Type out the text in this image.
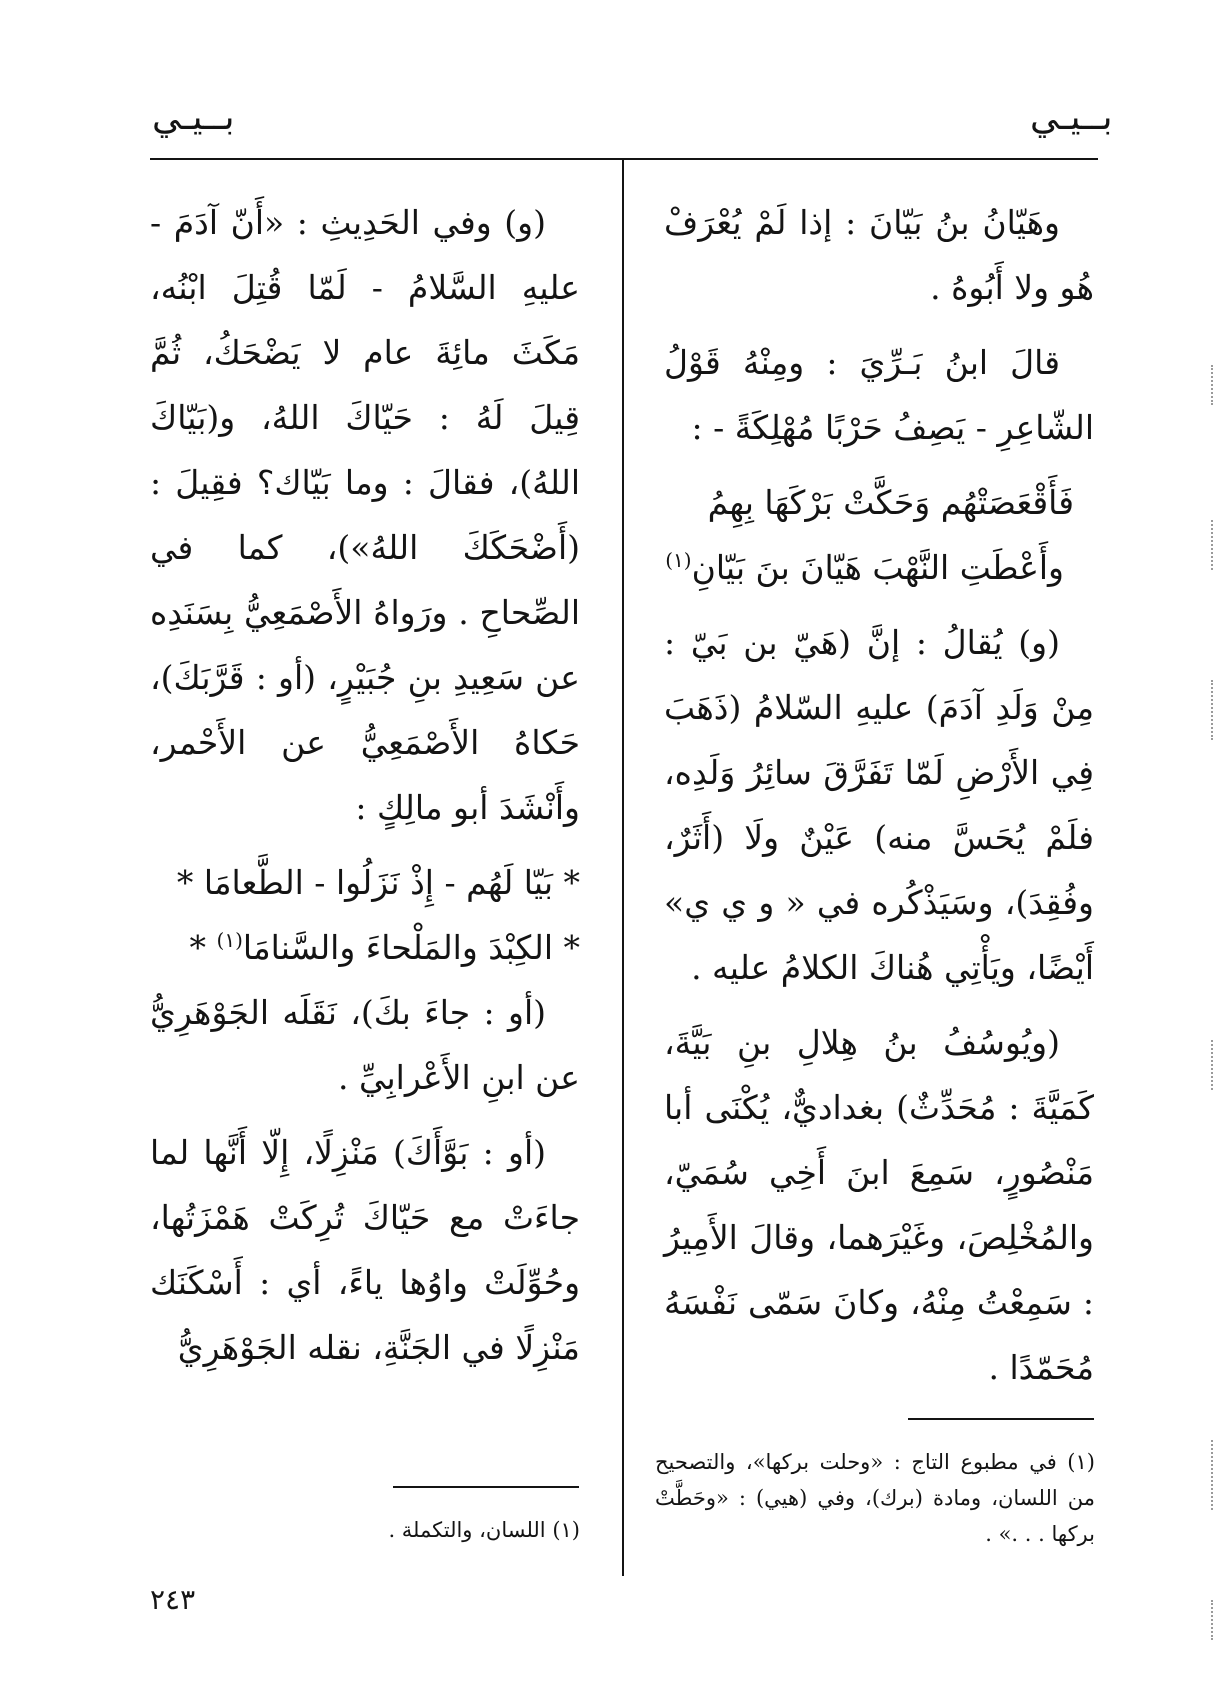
بــيـي
بــيـي

وهَيّانُ بنُ بَيّانَ : إذا لَمْ يُعْرَفْ هُو ولا أَبُوهُ .

قالَ ابنُ بَـرِّيَ : ومِنْهُ قَوْلُ الشّاعِرِ - يَصِفُ حَرْبًا مُهْلِكَةً - :

فَأَقْعَصَتْهُم وَحَكَّتْ بَرْكَهَا بِهِمُ

وأَعْطَتِ النَّهْبَ هَيّانَ بنَ بَيّانِ$^{(١)}$

(و) يُقالُ : إنَّ (هَيّ بن بَيّ : مِنْ وَلَدِ آدَمَ) عليهِ السّلامُ (ذَهَبَ فِي الأَرْضِ لَمّا تَفَرَّقَ سائِرُ وَلَدِه، فلَمْ يُحَسَّ منه) عَيْنٌ ولَا (أَثَرٌ، وفُقِدَ)، وسَيَذْكُره في « و ي ي» أَيْضًا، ويَأْتِي هُناكَ الكلامُ عليه .

(ويُوسُفُ بنُ هِلالِ بنِ بَيَّةَ، كَمَيَّةَ : مُحَدِّثٌ) بغداديٌّ، يُكْنَى أبا مَنْصُورٍ، سَمِعَ ابنَ أَخِي سُمَيّ، والمُخْلِصَ، وغَيْرَهما، وقالَ الأَمِيرُ : سَمِعْتُ مِنْهُ، وكانَ سَمّى نَفْسَهُ مُحَمّدًا .

(و) وفي الحَدِيثِ : «أَنّ آدَمَ - عليهِ السَّلامُ - لَمّا قُتِلَ ابْنُه، مَكَثَ مائِةَ عام لا يَضْحَكُ، ثُمَّ قِيلَ لَهُ : حَيّاكَ اللهُ، و(بَيّاكَ اللهُ)، فقالَ : وما بَيّاك؟ فقِيلَ : (أَضْحَكَكَ اللهُ»)، كما في الصِّحاحِ . ورَواهُ الأَصْمَعِيُّ بِسَنَدِه عن سَعِيدِ بنِ جُبَيْرٍ، (أو : قَرَّبَكَ)، حَكاهُ الأَصْمَعِيُّ عن الأَحْمر، وأَنْشَدَ أبو مالِكٍ :

* بَيّا لَهُم - إِذْ نَزَلُوا - الطَّعامَا *

* الكِبْدَ والمَلْحاءَ والسَّنامَا$^{(١)}$ *

(أو : جاءَ بكَ)، نَقَلَه الجَوْهَرِيُّ عن ابنِ الأَعْرابِيِّ .

(أو : بَوَّأَكَ) مَنْزِلًا، إِلّا أَنَّها لما جاءَتْ مع حَيّاكَ تُرِكَتْ هَمْزَتُها، وحُوِّلَتْ واوُها ياءً، أي : أَسْكَنَك مَنْزِلًا في الجَنَّةِ، نقله الجَوْهَرِيُّ

(١) في مطبوع التاج : «وحلت بركها»، والتصحيح من اللسان، ومادة (برك)، وفي (هيي) : «وحَطَّتْ بركها . . .» .
(١) اللسان، والتكملة .
٢٤٣
